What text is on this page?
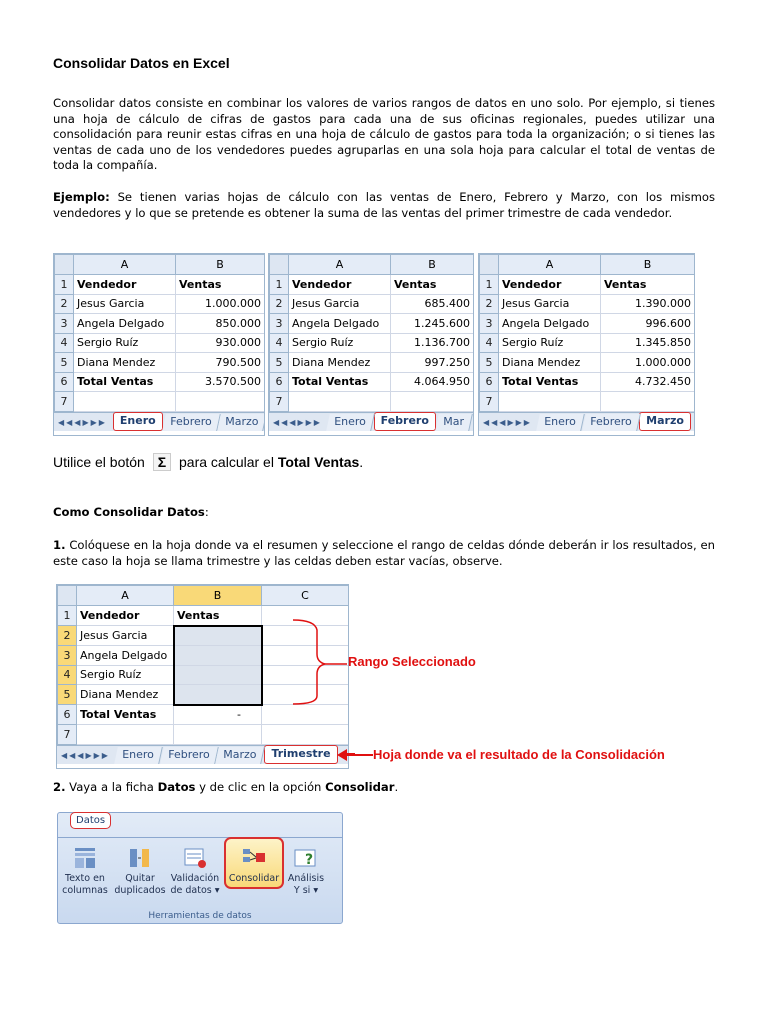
Consolidar Datos en Excel
Consolidar datos consiste en combinar los valores de varios rangos de datos en uno solo. Por ejemplo, si tienes una hoja de cálculo de cifras de gastos para cada una de sus oficinas regionales, puedes utilizar una consolidación para reunir estas cifras en una hoja de cálculo de gastos para toda la organización; o si tienes las ventas de cada uno de los vendedores puedes agruparlas en una sola hoja para calcular el total de ventas de toda la compañía.
Ejemplo: Se tienen varias hojas de cálculo con las ventas de Enero, Febrero y Marzo, con los mismos vendedores y lo que se pretende es obtener la suma de las ventas del primer trimestre de cada vendedor.
	A	B
1	Vendedor	Ventas
2	Jesus Garcia	1.000.000
3	Angela Delgado	850.000
4	Sergio Ruíz	930.000
5	Diana Mendez	790.500
6	Total Ventas	3.570.500
7		
◀◀◀▶▶▶	Enero	Febrero	Marzo
	A	B
1	Vendedor	Ventas
2	Jesus Garcia	685.400
3	Angela Delgado	1.245.600
4	Sergio Ruíz	1.136.700
5	Diana Mendez	997.250
6	Total Ventas	4.064.950
7		
◀◀◀▶▶▶	Enero	Febrero	Mar
	A	B
1	Vendedor	Ventas
2	Jesus Garcia	1.390.000
3	Angela Delgado	996.600
4	Sergio Ruíz	1.345.850
5	Diana Mendez	1.000.000
6	Total Ventas	4.732.450
7		
◀◀◀▶▶▶	Enero	Febrero	Marzo
Utilice el botón Σ para calcular el Total Ventas.
Como Consolidar Datos:
1. Colóquese en la hoja donde va el resumen y seleccione el rango de celdas dónde deberán ir los resultados, en este caso la hoja se llama trimestre y las celdas deben estar vacías, observe.
	A	B	C
1	Vendedor	Ventas	
2	Jesus Garcia		
3	Angela Delgado		
4	Sergio Ruíz		
5	Diana Mendez		
6	Total Ventas	-	
7			
◀◀◀▶▶▶	Enero	Febrero	Marzo	Trimestre
Rango Seleccionado
Hoja donde va el resultado de la Consolidación
2. Vaya a la ficha Datos y de clic en la opción Consolidar.
Datos
Texto en
columnas
Quitar
duplicados
Validación
de datos ▾
Consolidar
?
Análisis
Y si ▾
Herramientas de datos
